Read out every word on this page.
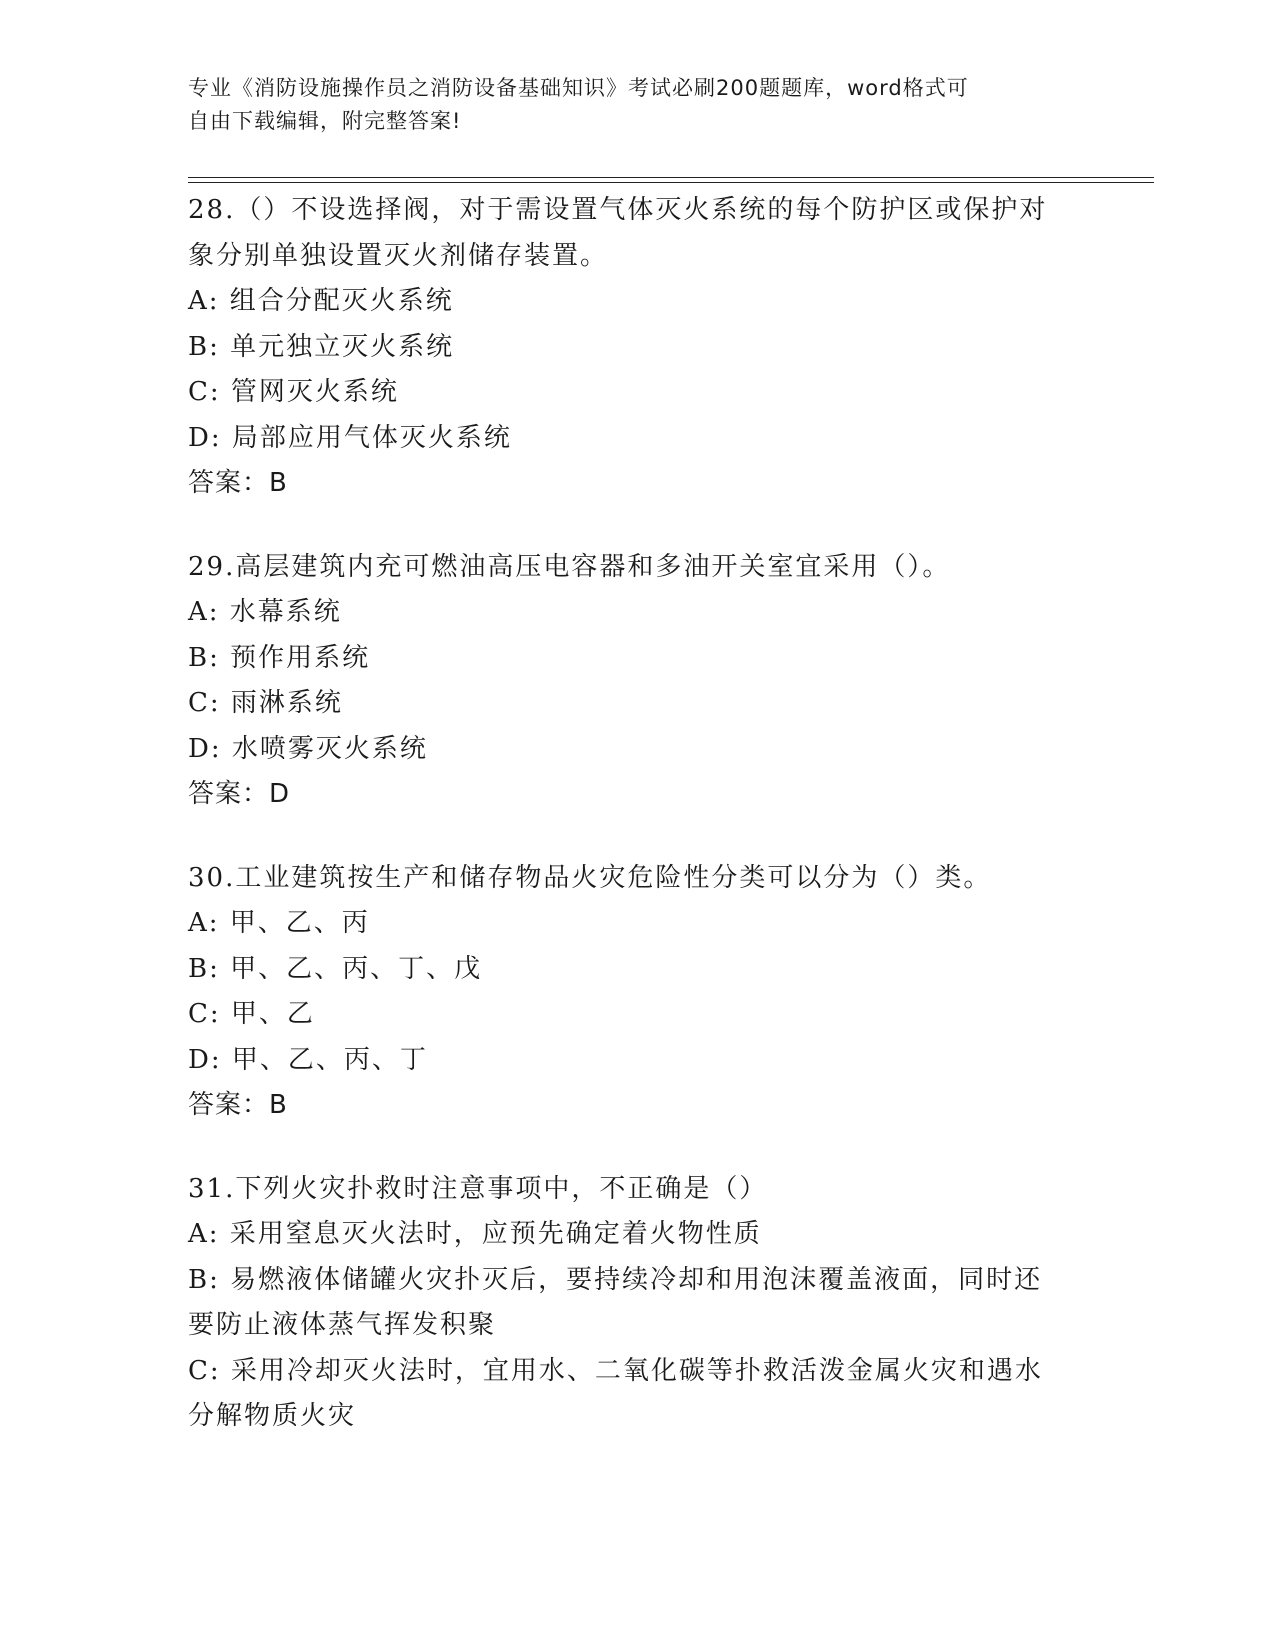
专业《消防设施操作员之消防设备基础知识》考试必刷200题题库，word格式可
自由下载编辑，附完整答案!
28.（）不设选择阀，对于需设置气体灭火系统的每个防护区或保护对象分别单独设置灭火剂储存装置。
A: 组合分配灭火系统
B: 单元独立灭火系统
C: 管网灭火系统
D: 局部应用气体灭火系统
答案：B
29.高层建筑内充可燃油高压电容器和多油开关室宜采用（）。
A: 水幕系统
B: 预作用系统
C: 雨淋系统
D: 水喷雾灭火系统
答案：D
30.工业建筑按生产和储存物品火灾危险性分类可以分为（）类。
A: 甲、乙、丙
B: 甲、乙、丙、丁、戊
C: 甲、乙
D: 甲、乙、丙、丁
答案：B
31.下列火灾扑救时注意事项中，不正确是（）
A: 采用窒息灭火法时，应预先确定着火物性质
B: 易燃液体储罐火灾扑灭后，要持续冷却和用泡沫覆盖液面，同时还要防止液体蒸气挥发积聚
C: 采用冷却灭火法时，宜用水、二氧化碳等扑救活泼金属火灾和遇水分解物质火灾
